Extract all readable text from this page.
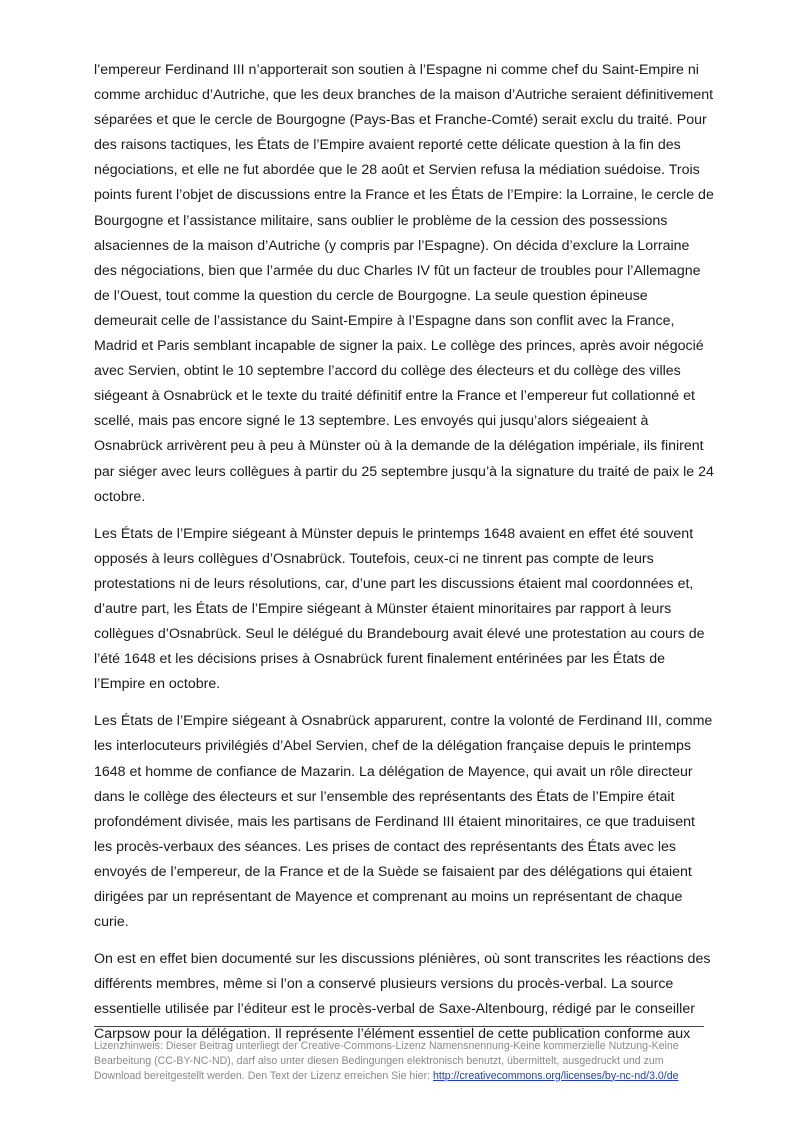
l’empereur Ferdinand III n’apporterait son soutien à l’Espagne ni comme chef du Saint-Empire ni comme archiduc d’Autriche, que les deux branches de la maison d’Autriche seraient définitivement séparées et que le cercle de Bourgogne (Pays-Bas et Franche-Comté) serait exclu du traité. Pour des raisons tactiques, les États de l’Empire avaient reporté cette délicate question à la fin des négociations, et elle ne fut abordée que le 28 août et Servien refusa la médiation suédoise. Trois points furent l’objet de discussions entre la France et les États de l’Empire: la Lorraine, le cercle de Bourgogne et l’assistance militaire, sans oublier le problème de la cession des possessions alsaciennes de la maison d’Autriche (y compris par l’Espagne). On décida d’exclure la Lorraine des négociations, bien que l’armée du duc Charles IV fût un facteur de troubles pour l’Allemagne de l’Ouest, tout comme la question du cercle de Bourgogne. La seule question épineuse demeurait celle de l’assistance du Saint-Empire à l’Espagne dans son conflit avec la France, Madrid et Paris semblant incapable de signer la paix. Le collège des princes, après avoir négocié avec Servien, obtint le 10 septembre l’accord du collège des électeurs et du collège des villes siégeant à Osnabrück et le texte du traité définitif entre la France et l’empereur fut collationné et scellé, mais pas encore signé le 13 septembre. Les envoyés qui jusqu’alors siégeaient à Osnabrück arrivèrent peu à peu à Münster où à la demande de la délégation impériale, ils finirent par siéger avec leurs collègues à partir du 25 septembre jusqu’à la signature du traité de paix le 24 octobre.

Les États de l’Empire siégeant à Münster depuis le printemps 1648 avaient en effet été souvent opposés à leurs collègues d’Osnabrück. Toutefois, ceux-ci ne tinrent pas compte de leurs protestations ni de leurs résolutions, car, d’une part les discussions étaient mal coordonnées et, d’autre part, les États de l’Empire siégeant à Münster étaient minoritaires par rapport à leurs collègues d’Osnabrück. Seul le délégué du Brandebourg avait élevé une protestation au cours de l’été 1648 et les décisions prises à Osnabrück furent finalement entérinées par les États de l’Empire en octobre.

Les États de l’Empire siégeant à Osnabrück apparurent, contre la volonté de Ferdinand III, comme les interlocuteurs privilégiés d’Abel Servien, chef de la délégation française depuis le printemps 1648 et homme de confiance de Mazarin. La délégation de Mayence, qui avait un rôle directeur dans le collège des électeurs et sur l’ensemble des représentants des États de l’Empire était profondément divisée, mais les partisans de Ferdinand III étaient minoritaires, ce que traduisent les procès-verbaux des séances. Les prises de contact des représentants des États avec les envoyés de l’empereur, de la France et de la Suède se faisaient par des délégations qui étaient dirigées par un représentant de Mayence et comprenant au moins un représentant de chaque curie.

On est en effet bien documenté sur les discussions plénières, où sont transcrites les réactions des différents membres, même si l’on a conservé plusieurs versions du procès-verbal. La source essentielle utilisée par l’éditeur est le procès-verbal de Saxe-Altenbourg, rédigé par le conseiller Carpsow pour la délégation. Il représente l’élément essentiel de cette publication conforme aux

Lizenzhinweis: Dieser Beitrag unterliegt der Creative-Commons-Lizenz Namensnennung-Keine kommerzielle Nutzung-Keine Bearbeitung (CC-BY-NC-ND), darf also unter diesen Bedingungen elektronisch benutzt, übermittelt, ausgedruckt und zum Download bereitgestellt werden. Den Text der Lizenz erreichen Sie hier: http://creativecommons.org/licenses/by-nc-nd/3.0/de
